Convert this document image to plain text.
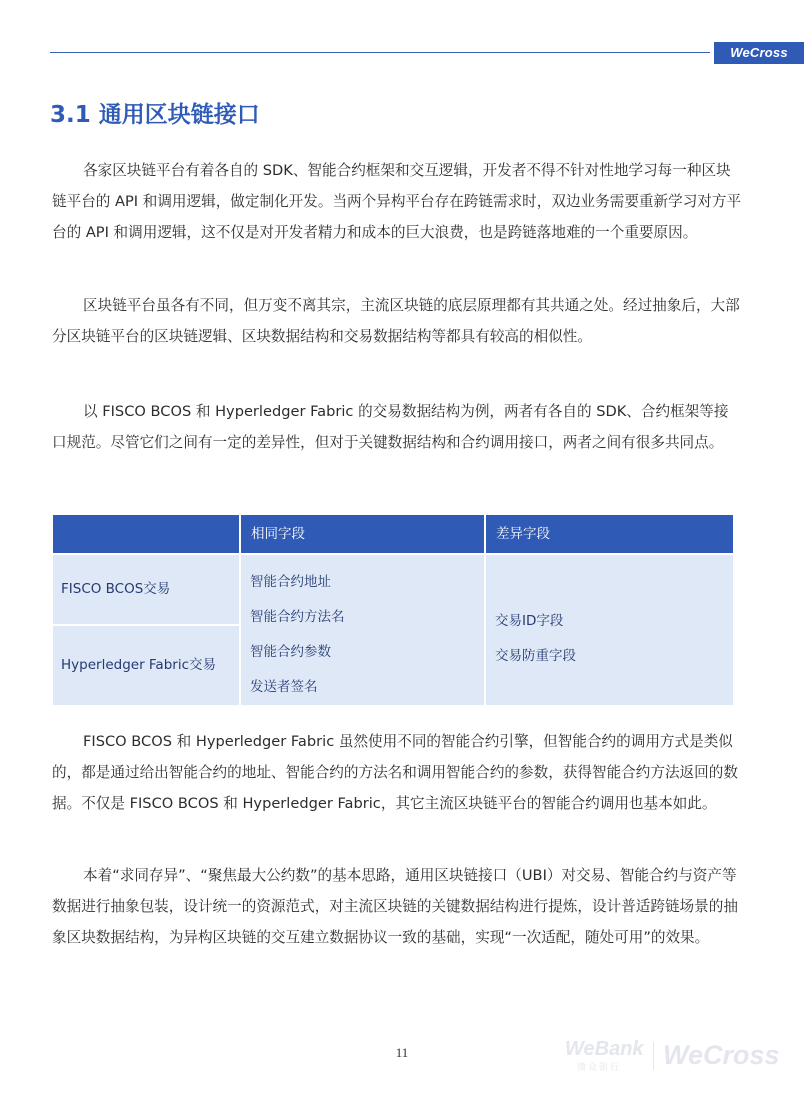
WeCross
3.1 通用区块链接口

各家区块链平台有着各自的 SDK、智能合约框架和交互逻辑，开发者不得不针对性地学习每一种区块链平台的 API 和调用逻辑，做定制化开发。当两个异构平台存在跨链需求时，双边业务需要重新学习对方平台的 API 和调用逻辑，这不仅是对开发者精力和成本的巨大浪费，也是跨链落地难的一个重要原因。

区块链平台虽各有不同，但万变不离其宗，主流区块链的底层原理都有其共通之处。经过抽象后，大部分区块链平台的区块链逻辑、区块数据结构和交易数据结构等都具有较高的相似性。

以 FISCO BCOS 和 Hyperledger Fabric 的交易数据结构为例，两者有各自的 SDK、合约框架等接口规范。尽管它们之间有一定的差异性，但对于关键数据结构和合约调用接口，两者之间有很多共同点。

相同字段	差异字段
FISCO BCOS交易
Hyperledger Fabric交易
智能合约地址
智能合约方法名
智能合约参数
发送者签名
交易ID字段
交易防重字段

FISCO BCOS 和 Hyperledger Fabric 虽然使用不同的智能合约引擎，但智能合约的调用方式是类似的，都是通过给出智能合约的地址、智能合约的方法名和调用智能合约的参数，获得智能合约方法返回的数据。不仅是 FISCO BCOS 和 Hyperledger Fabric，其它主流区块链平台的智能合约调用也基本如此。

本着“求同存异”、“聚焦最大公约数”的基本思路，通用区块链接口（UBI）对交易、智能合约与资产等数据进行抽象包装，设计统一的资源范式，对主流区块链的关键数据结构进行提炼，设计普适跨链场景的抽象区块数据结构，为异构区块链的交互建立数据协议一致的基础，实现“一次适配，随处可用”的效果。

11	WeBank
微众银行 WeCross
